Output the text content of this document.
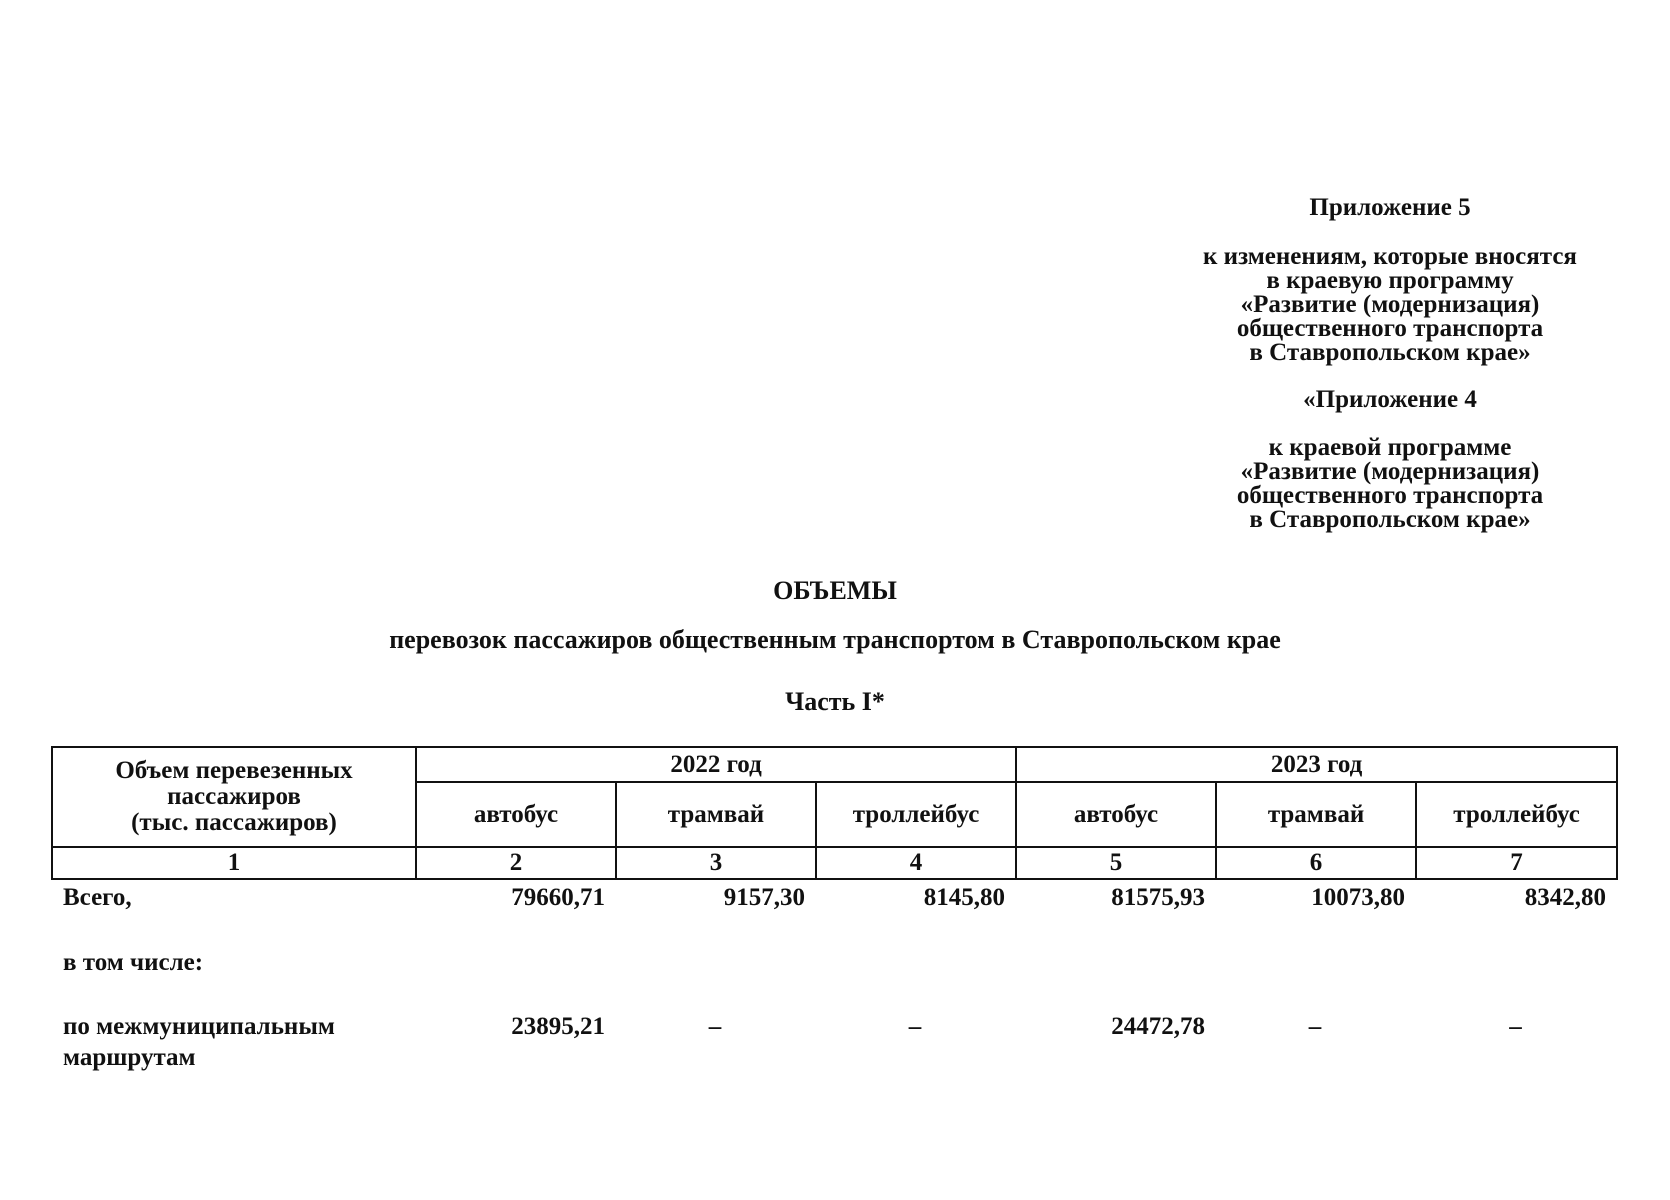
Приложение 5
к изменениям, которые вносятся
в краевую программу
«Развитие (модернизация)
общественного транспорта
в Ставропольском крае»
«Приложение 4
к краевой программе
«Развитие (модернизация)
общественного транспорта
в Ставропольском крае»
ОБЪЕМЫ
перевозок пассажиров общественным транспортом в Ставропольском крае
Часть I*
Объем перевезенных
пассажиров
(тыс. пассажиров)	2022 год			2023 год		
	автобус	трамвай	троллейбус	автобус	трамвай	троллейбус
1	2	3	4	5	6	7
Всего,	79660,71	9157,30	8145,80	81575,93	10073,80	8342,80
в том числе:						

по межмуниципальным
маршрутам	23895,21	–	–	24472,78	–	–
